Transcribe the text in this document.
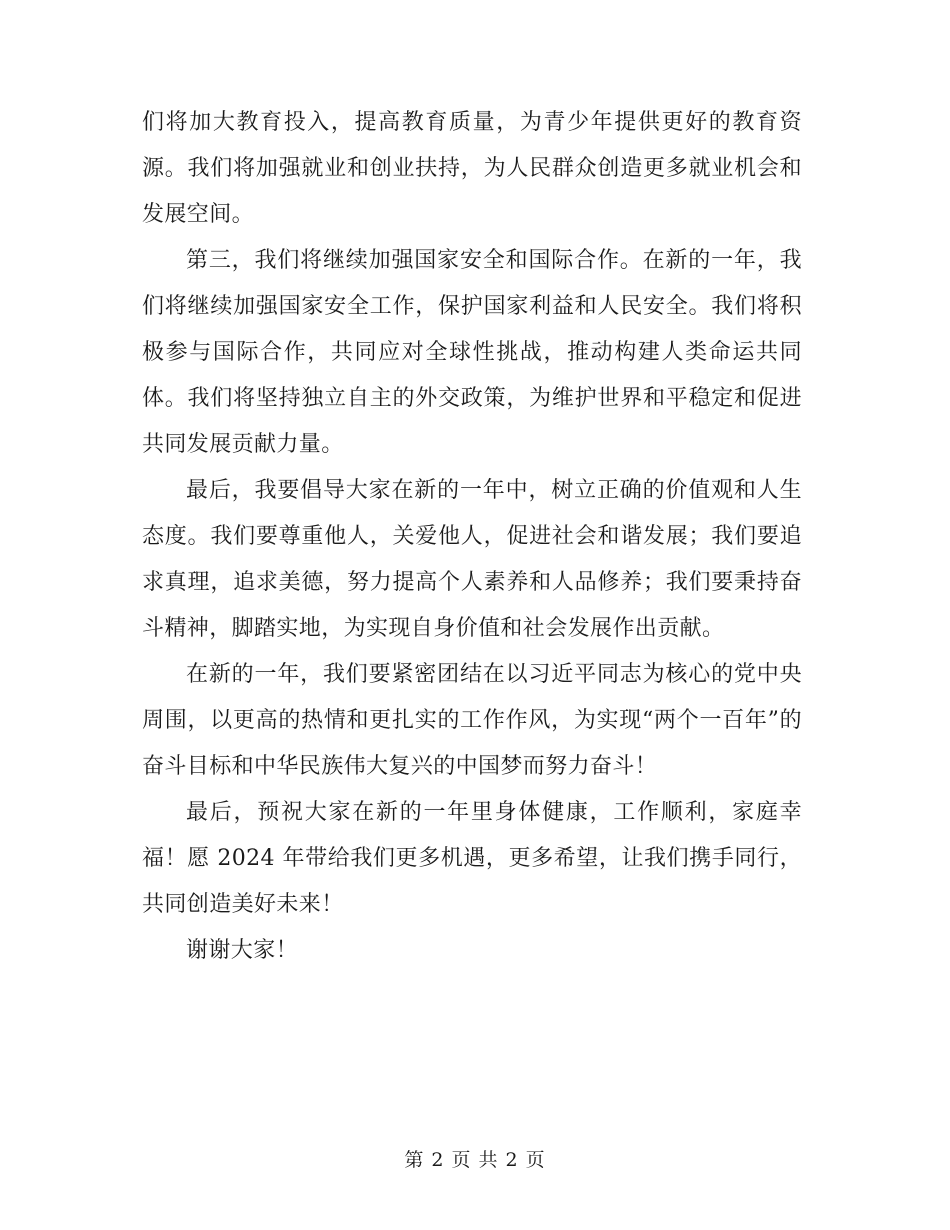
们将加大教育投入，提高教育质量，为青少年提供更好的教育资源。我们将加强就业和创业扶持，为人民群众创造更多就业机会和发展空间。

第三，我们将继续加强国家安全和国际合作。在新的一年，我们将继续加强国家安全工作，保护国家利益和人民安全。我们将积极参与国际合作，共同应对全球性挑战，推动构建人类命运共同体。我们将坚持独立自主的外交政策，为维护世界和平稳定和促进共同发展贡献力量。

最后，我要倡导大家在新的一年中，树立正确的价值观和人生态度。我们要尊重他人，关爱他人，促进社会和谐发展；我们要追求真理，追求美德，努力提高个人素养和人品修养；我们要秉持奋斗精神，脚踏实地，为实现自身价值和社会发展作出贡献。

在新的一年，我们要紧密团结在以习近平同志为核心的党中央周围，以更高的热情和更扎实的工作作风，为实现“两个一百年”的奋斗目标和中华民族伟大复兴的中国梦而努力奋斗！

最后，预祝大家在新的一年里身体健康，工作顺利，家庭幸福！愿 2024 年带给我们更多机遇，更多希望，让我们携手同行，共同创造美好未来！

谢谢大家！

第 2 页 共 2 页
